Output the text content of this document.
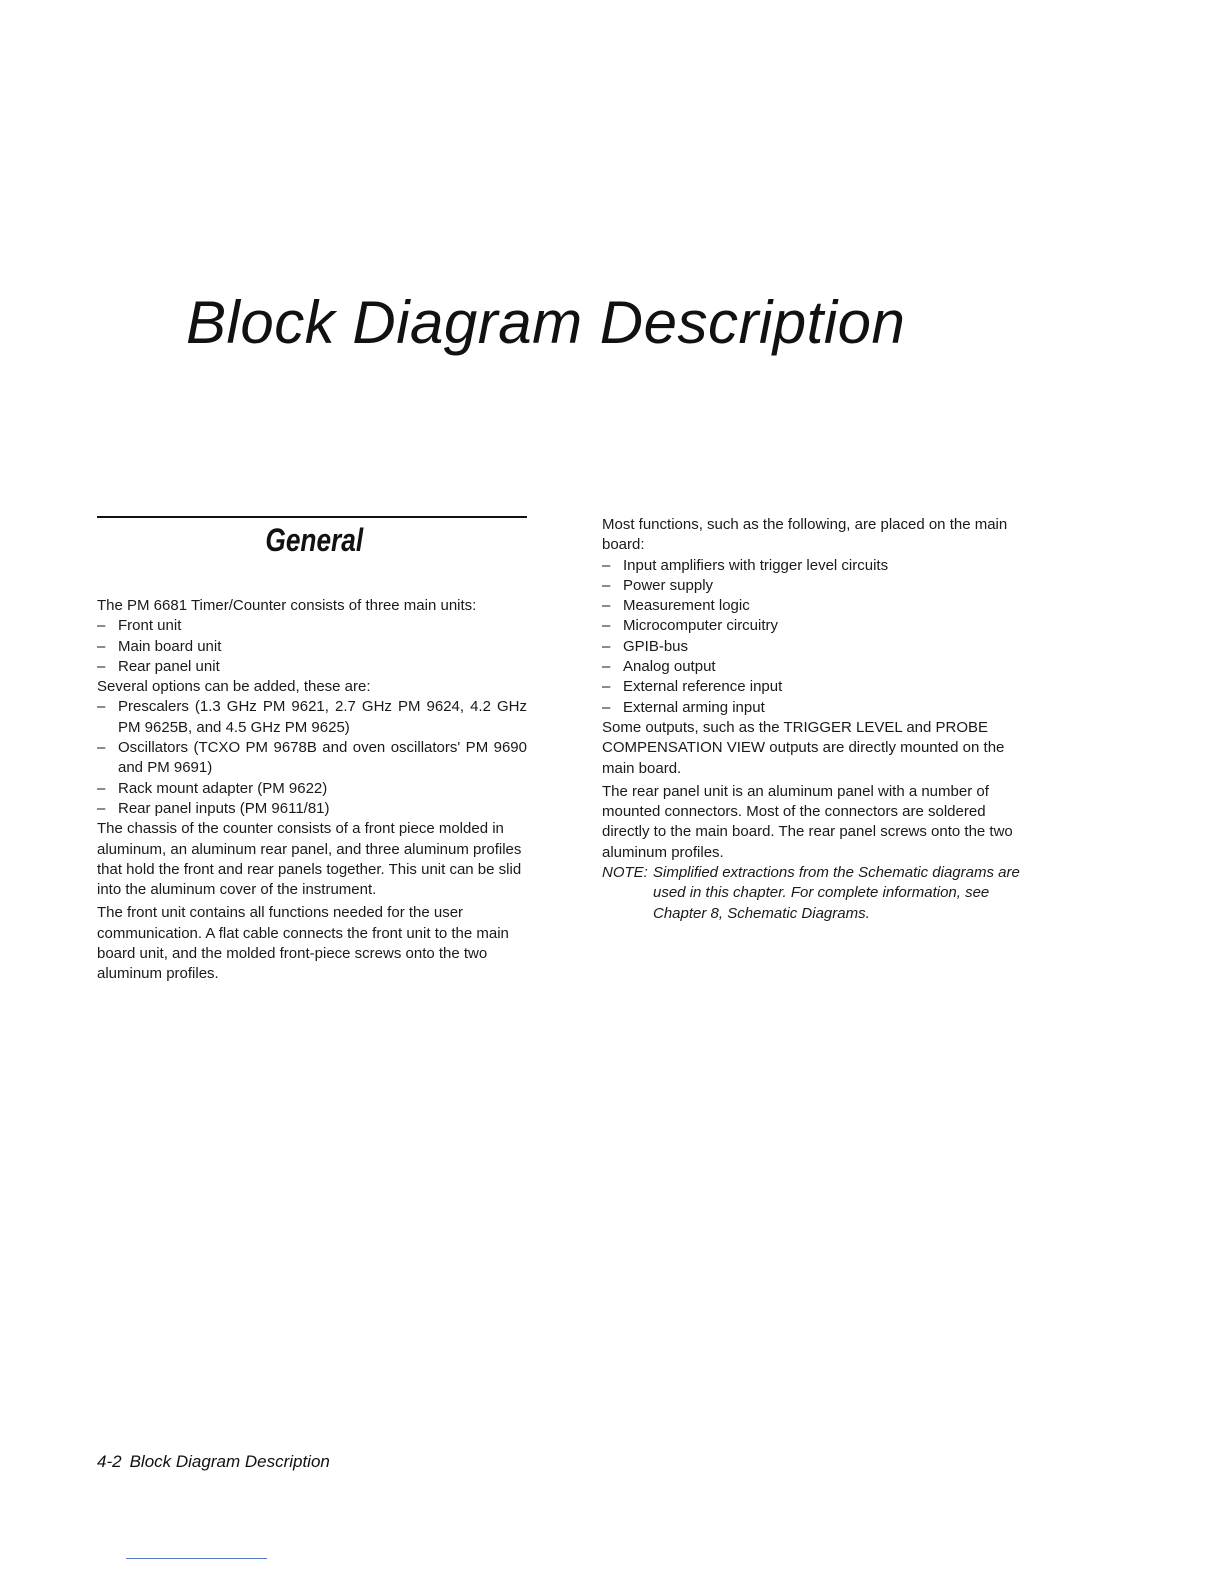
Block Diagram Description
General

The PM 6681 Timer/Counter consists of three main units:

– Front unit
– Main board unit
– Rear panel unit

Several options can be added, these are:

– Prescalers (1.3 GHz PM 9621, 2.7 GHz PM 9624, 4.2 GHz PM 9625B, and 4.5 GHz PM 9625)
– Oscillators (TCXO PM 9678B and oven oscillators' PM 9690 and PM 9691)
– Rack mount adapter (PM 9622)
– Rear panel inputs (PM 9611/81)

The chassis of the counter consists of a front piece molded in aluminum, an aluminum rear panel, and three aluminum profiles that hold the front and rear panels together. This unit can be slid into the aluminum cover of the instrument.

The front unit contains all functions needed for the user communication. A flat cable connects the front unit to the main board unit, and the molded front-piece screws onto the two aluminum profiles.

Most functions, such as the following, are placed on the main board:

– Input amplifiers with trigger level circuits
– Power supply
– Measurement logic
– Microcomputer circuitry
– GPIB-bus
– Analog output
– External reference input
– External arming input

Some outputs, such as the TRIGGER LEVEL and PROBE COMPENSATION VIEW outputs are directly mounted on the main board.

The rear panel unit is an aluminum panel with a number of mounted connectors. Most of the connectors are soldered directly to the main board. The rear panel screws onto the two aluminum profiles.

NOTE: Simplified extractions from the Schematic diagrams are used in this chapter. For complete information, see Chapter 8, Schematic Diagrams.

4-2 Block Diagram Description
